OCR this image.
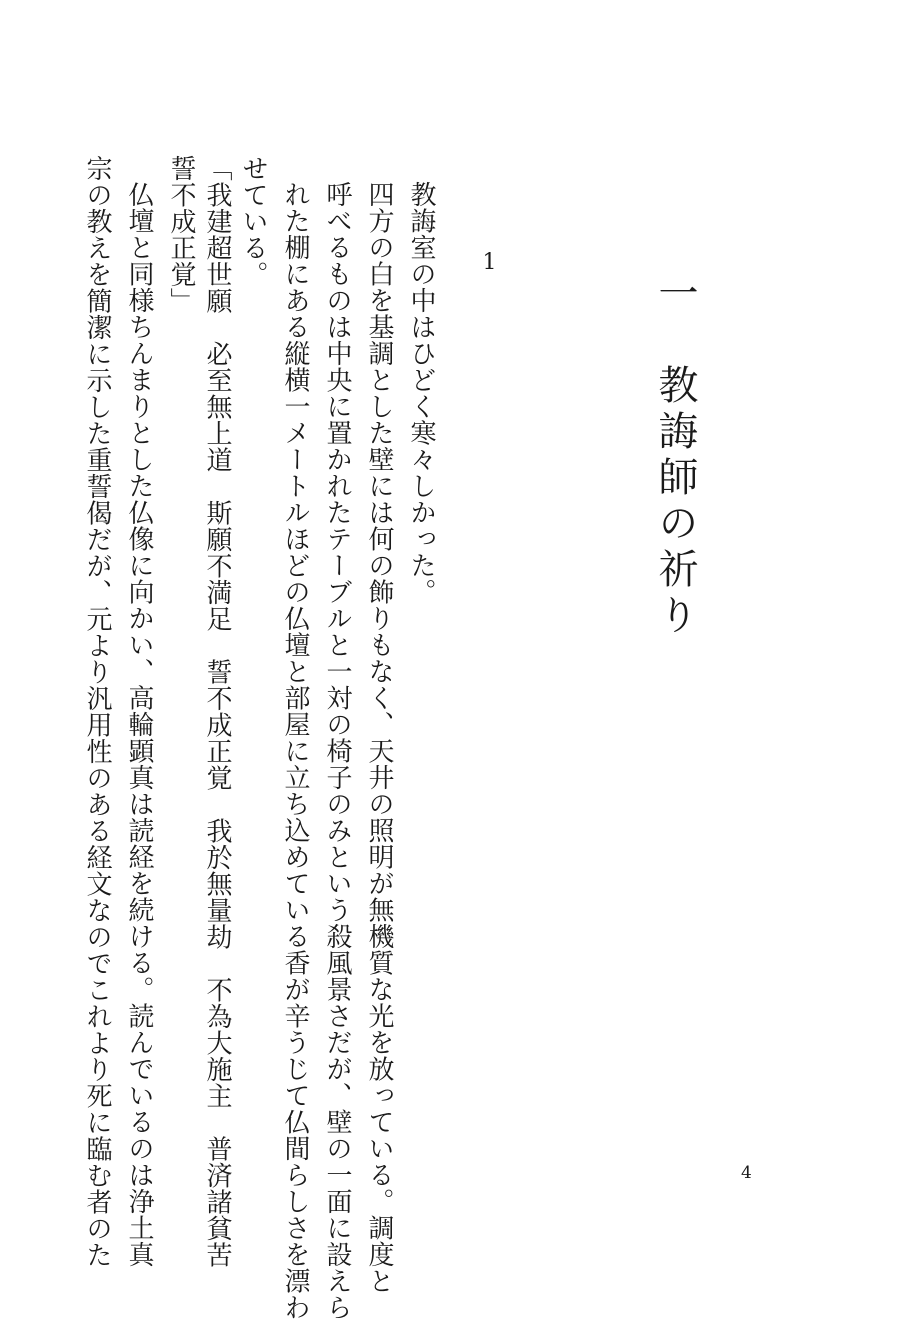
一　教誨師の祈り
1
教誨室の中はひどく寒々しかった。
四方の白を基調とした壁には何の飾りもなく、天井の照明が無機質な光を放っている。調度と
呼べるものは中央に置かれたテーブルと一対の椅子のみという殺風景さだが、壁の一面に設えら
れた棚にある縦横一メートルほどの仏壇と部屋に立ち込めている香が辛うじて仏間らしさを漂わ
せている。
「我建超世願　必至無上道　斯願不満足　誓不成正覚　我於無量劫　不為大施主　普済諸貧苦
誓不成正覚」
仏壇と同様ちんまりとした仏像に向かい、高輪顕真は読経を続ける。読んでいるのは浄土真
宗の教えを簡潔に示した重誓偈だが、元より汎用性のある経文なのでこれより死に臨む者のた	4
